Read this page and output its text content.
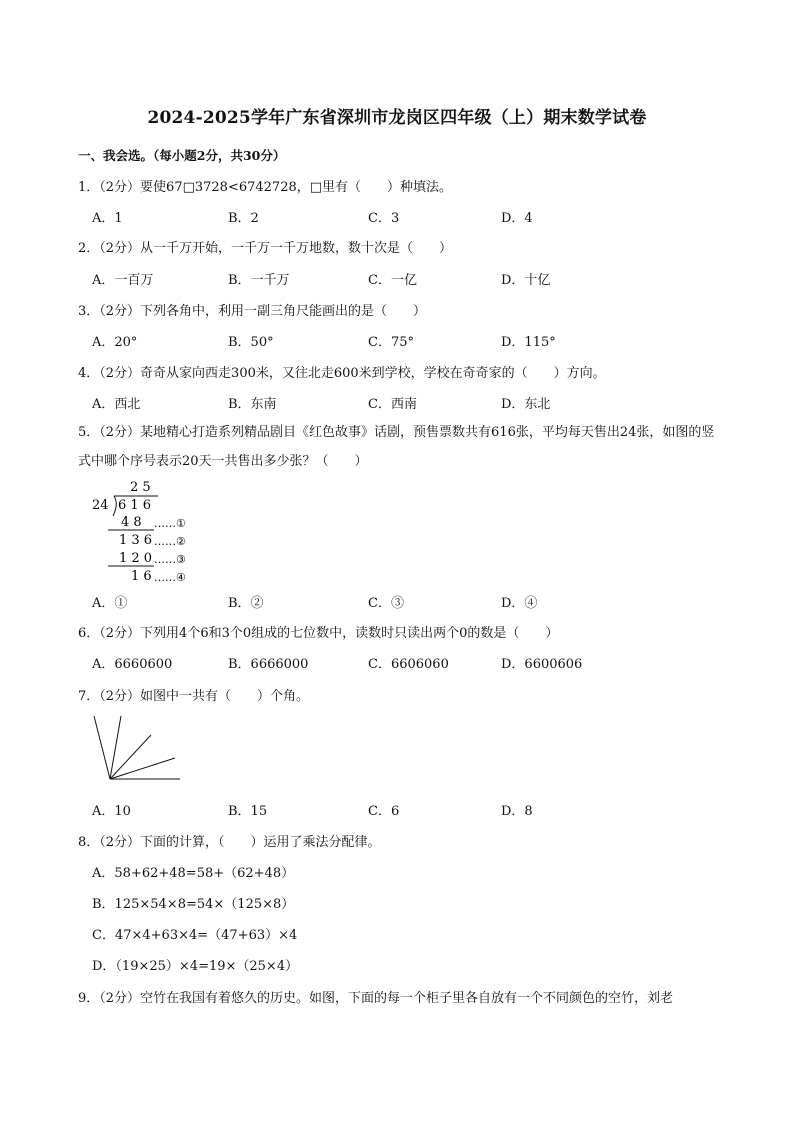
2024-2025学年广东省深圳市龙岗区四年级（上）期末数学试卷
一、我会选。（每小题2分，共30分）
1．（2分）要使67□3728<6742728，□里有（　　）种填法。
A．1	B．2	C．3	D．4
2．（2分）从一千万开始，一千万一千万地数，数十次是（　　）
A．一百万	B．一千万	C．一亿	D．十亿
3．（2分）下列各角中，利用一副三角尺能画出的是（　　）
A．20°	B．50°	C．75°	D．115°
4．（2分）奇奇从家向西走300米，又往北走600米到学校，学校在奇奇家的（　　）方向。
A．西北	B．东南	C．西南	D．东北
5．（2分）某地精心打造系列精品剧目《红色故事》话剧，预售票数共有616张，平均每天售出24张，如图的竖式中哪个序号表示20天一共售出多少张？（　　）
2 5
24 6 1 6
4 8 ……①
1 3 6 ……②
1 2 0 ……③
1 6 ……④
A．①	B．②	C．③	D．④
6．（2分）下列用4个6和3个0组成的七位数中，读数时只读出两个0的数是（　　）
A．6660600	B．6666000	C．6606060	D．6600606
7．（2分）如图中一共有（　　）个角。
A．10	B．15	C．6	D．8
8．（2分）下面的计算，（　　）运用了乘法分配律。
A．58+62+48=58+（62+48）
B．125×54×8=54×（125×8）
C．47×4+63×4=（47+63）×4
D．（19×25）×4=19×（25×4）
9．（2分）空竹在我国有着悠久的历史。如图，下面的每一个柜子里各自放有一个不同颜色的空竹，刘老
